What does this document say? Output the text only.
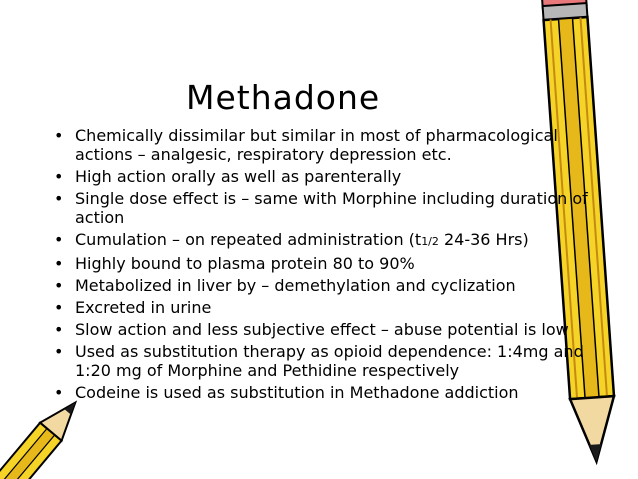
Methadone
• Chemically dissimilar but similar in most of pharmacological actions – analgesic, respiratory depression etc.
• High action orally as well as parenterally
• Single dose effect is – same with Morphine including duration of action
• Cumulation – on repeated administration (t1/2 24-36 Hrs)
• Highly bound to plasma protein 80 to 90%
• Metabolized in liver by – demethylation and cyclization
• Excreted in urine
• Slow action and less subjective effect – abuse potential is low
• Used as substitution therapy as opioid dependence: 1:4mg and 1:20 mg of Morphine and Pethidine respectively
• Codeine is used as substitution in Methadone addiction
